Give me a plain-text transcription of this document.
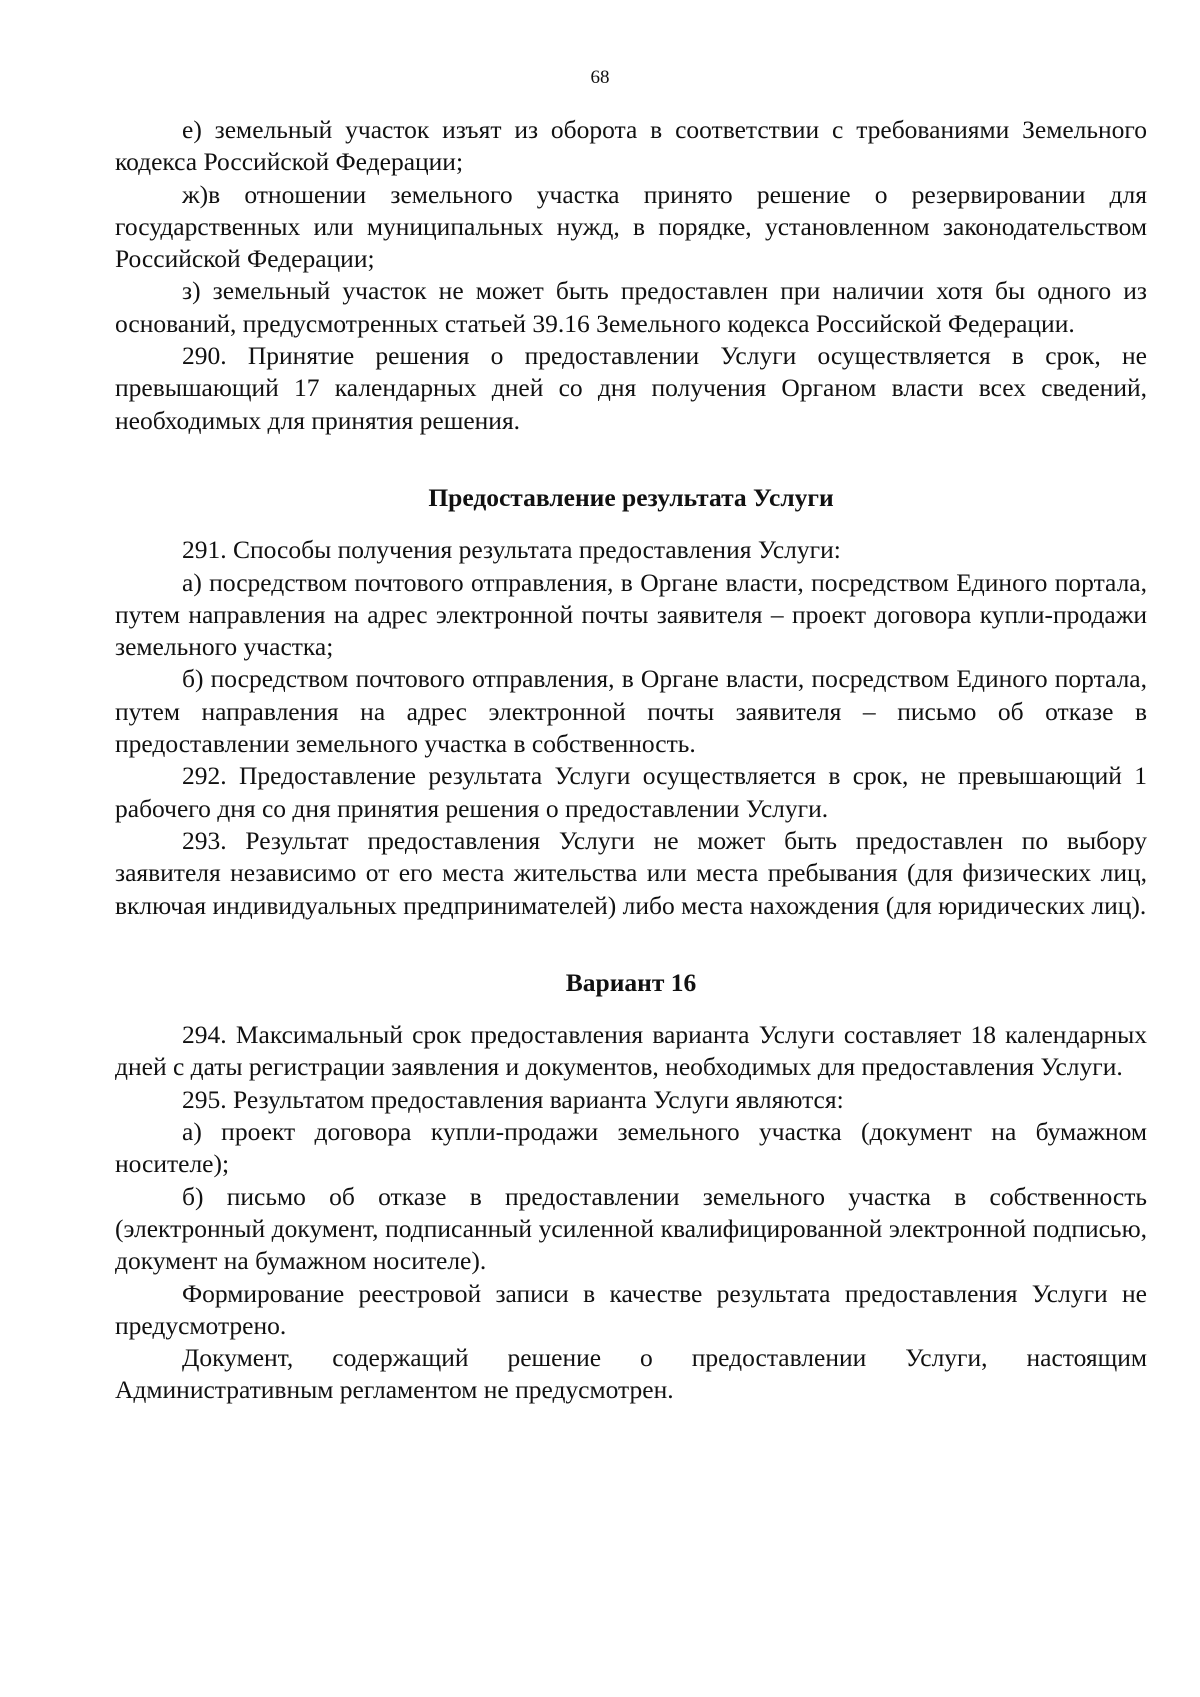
68

е) земельный участок изъят из оборота в соответствии с требованиями Земельного кодекса Российской Федерации;

ж)в отношении земельного участка принято решение о резервировании для государственных или муниципальных нужд, в порядке, установленном законодательством Российской Федерации;

з) земельный участок не может быть предоставлен при наличии хотя бы одного из оснований, предусмотренных статьей 39.16 Земельного кодекса Российской Федерации.

290. Принятие решения о предоставлении Услуги осуществляется в срок, не превышающий 17 календарных дней со дня получения Органом власти всех сведений, необходимых для принятия решения.

Предоставление результата Услуги

291. Способы получения результата предоставления Услуги:

а) посредством почтового отправления, в Органе власти, посредством Единого портала, путем направления на адрес электронной почты заявителя – проект договора купли-продажи земельного участка;

б) посредством почтового отправления, в Органе власти, посредством Единого портала, путем направления на адрес электронной почты заявителя – письмо об отказе в предоставлении земельного участка в собственность.

292. Предоставление результата Услуги осуществляется в срок, не превышающий 1 рабочего дня со дня принятия решения о предоставлении Услуги.

293. Результат предоставления Услуги не может быть предоставлен по выбору заявителя независимо от его места жительства или места пребывания (для физических лиц, включая индивидуальных предпринимателей) либо места нахождения (для юридических лиц).

Вариант 16

294. Максимальный срок предоставления варианта Услуги составляет 18 календарных дней с даты регистрации заявления и документов, необходимых для предоставления Услуги.

295. Результатом предоставления варианта Услуги являются:

а) проект договора купли-продажи земельного участка (документ на бумажном носителе);

б) письмо об отказе в предоставлении земельного участка в собственность (электронный документ, подписанный усиленной квалифицированной электронной подписью, документ на бумажном носителе).

Формирование реестровой записи в качестве результата предоставления Услуги не предусмотрено.

Документ, содержащий решение о предоставлении Услуги, настоящим Административным регламентом не предусмотрен.
